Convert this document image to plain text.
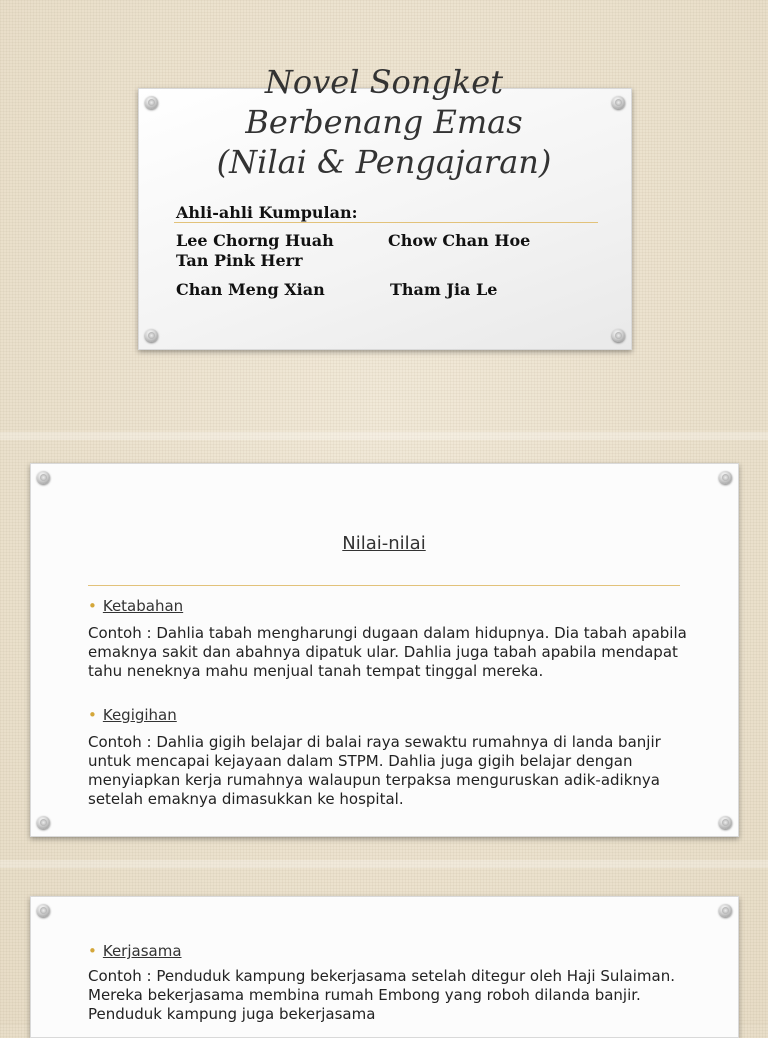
Novel Songket
Berbenang Emas
(Nilai & Pengajaran)
Ahli-ahli Kumpulan:
Lee Chorng Huah	Chow Chan Hoe
Tan Pink Herr
Chan Meng Xian	Tham Jia Le
Nilai-nilai
• Ketabahan
Contoh : Dahlia tabah mengharungi dugaan dalam hidupnya. Dia tabah apabila emaknya sakit dan abahnya dipatuk ular. Dahlia juga tabah apabila mendapat tahu neneknya mahu menjual tanah tempat tinggal mereka.
• Kegigihan
Contoh : Dahlia gigih belajar di balai raya sewaktu rumahnya di landa banjir untuk mencapai kejayaan dalam STPM. Dahlia juga gigih belajar dengan menyiapkan kerja rumahnya walaupun terpaksa menguruskan adik-adiknya setelah emaknya dimasukkan ke hospital.
• Kerjasama
Contoh : Penduduk kampung bekerjasama setelah ditegur oleh Haji Sulaiman. Mereka bekerjasama membina rumah Embong yang roboh dilanda banjir. Penduduk kampung juga bekerjasama
